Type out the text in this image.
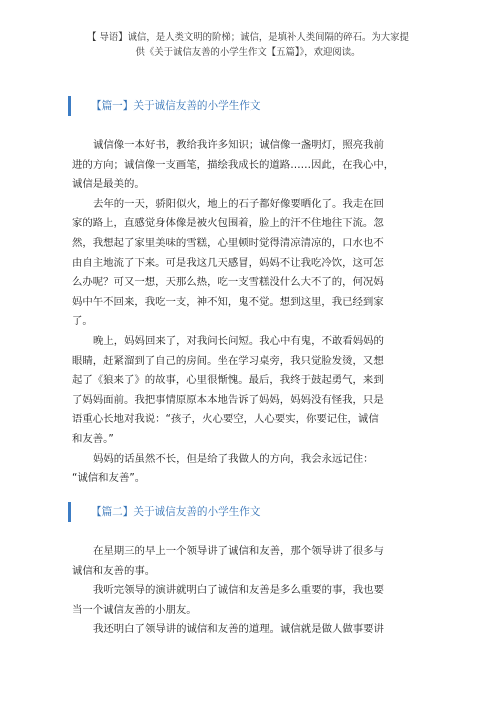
【 导语】诚信，是人类文明的阶梯；诚信，是填补人类间隔的碎石。为大家提
供《关于诚信友善的小学生作文【五篇】》，欢迎阅读。
【篇一】关于诚信友善的小学生作文
诚信像一本好书，教给我许多知识；诚信像一盏明灯，照亮我前
进的方向；诚信像一支画笔，描绘我成长的道路……因此，在我心中，
诚信是最美的。
去年的一天，骄阳似火，地上的石子都好像要晒化了。我走在回
家的路上，直感觉身体像是被火包围着，脸上的汗不住地往下流。忽
然，我想起了家里美味的雪糕，心里顿时觉得清凉清凉的，口水也不
由自主地流了下来。可是我这几天感冒，妈妈不让我吃冷饮，这可怎
么办呢？可又一想，天那么热，吃一支雪糕没什么大不了的，何况妈
妈中午不回来，我吃一支，神不知，鬼不觉。想到这里，我已经到家
了。
晚上，妈妈回来了，对我问长问短。我心中有鬼，不敢看妈妈的
眼睛，赶紧溜到了自己的房间。坐在学习桌旁，我只觉脸发烫，又想
起了《狼来了》的故事，心里很惭愧。最后，我终于鼓起勇气，来到
了妈妈面前。我把事情原原本本地告诉了妈妈，妈妈没有怪我，只是
语重心长地对我说：“孩子，火心要空，人心要实，你要记住，诚信
和友善。”
妈妈的话虽然不长，但是给了我做人的方向，我会永远记住：
“诚信和友善”。
【篇二】关于诚信友善的小学生作文
在星期三的早上一个领导讲了诚信和友善，那个领导讲了很多与
诚信和友善的事。
我听完领导的演讲就明白了诚信和友善是多么重要的事，我也要
当一个诚信友善的小朋友。
我还明白了领导讲的诚信和友善的道理。诚信就是做人做事要讲
